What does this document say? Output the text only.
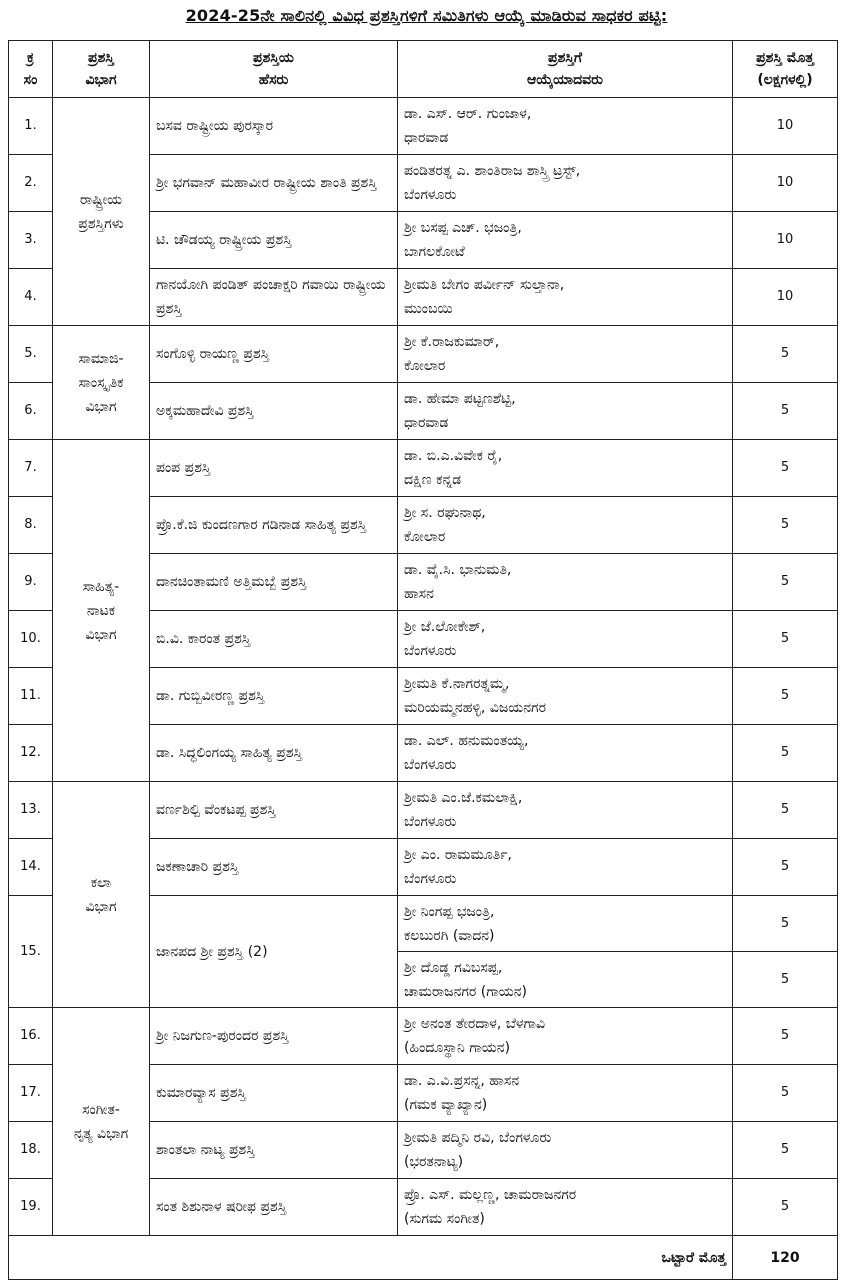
2024-25ನೇ ಸಾಲಿನಲ್ಲಿ ವಿವಿಧ ಪ್ರಶಸ್ತಿಗಳಿಗೆ ಸಮಿತಿಗಳು ಆಯ್ಕೆ ಮಾಡಿರುವ ಸಾಧಕರ ಪಟ್ಟಿ:
ಕ್ರ
ಸಂ	ಪ್ರಶಸ್ತಿ
ವಿಭಾಗ	ಪ್ರಶಸ್ತಿಯ
ಹೆಸರು	ಪ್ರಶಸ್ತಿಗೆ
ಆಯ್ಕೆಯಾದವರು	ಪ್ರಶಸ್ತಿ ಮೊತ್ತ
(ಲಕ್ಷಗಳಲ್ಲಿ)
1.	ರಾಷ್ಟ್ರೀಯ
ಪ್ರಶಸ್ತಿಗಳು	ಬಸವ ರಾಷ್ಟ್ರೀಯ ಪುರಸ್ಕಾರ	ಡಾ. ಎಸ್. ಆರ್. ಗುಂಜಾಳ,
ಧಾರವಾಡ	10
2.		ಶ್ರೀ ಭಗವಾನ್ ಮಹಾವೀರ ರಾಷ್ಟ್ರೀಯ ಶಾಂತಿ ಪ್ರಶಸ್ತಿ	ಪಂಡಿತರತ್ನ ಎ. ಶಾಂತಿರಾಜ ಶಾಸ್ತ್ರಿ ಟ್ರಸ್ಟ್,
ಬೆಂಗಳೂರು	10
3.		ಟಿ. ಚೌಡಯ್ಯ ರಾಷ್ಟ್ರೀಯ ಪ್ರಶಸ್ತಿ	ಶ್ರೀ ಬಸಪ್ಪ ಎಚ್. ಭಜಂತ್ರಿ,
ಬಾಗಲಕೋಟೆ	10
4.		ಗಾನಯೋಗಿ ಪಂಡಿತ್ ಪಂಚಾಕ್ಷರಿ ಗವಾಯಿ ರಾಷ್ಟ್ರೀಯ ಪ್ರಶಸ್ತಿ	ಶ್ರೀಮತಿ ಬೇಗಂ ಪರ್ವೀನ್ ಸುಲ್ತಾನಾ,
ಮುಂಬಯಿ	10
5.	ಸಾಮಾಜಿ-
ಸಾಂಸ್ಕೃತಿಕ
ವಿಭಾಗ	ಸಂಗೊಳ್ಳಿ ರಾಯಣ್ಣ ಪ್ರಶಸ್ತಿ	ಶ್ರೀ ಕೆ.ರಾಜಕುಮಾರ್,
ಕೋಲಾರ	5
6.		ಅಕ್ಕಮಹಾದೇವಿ ಪ್ರಶಸ್ತಿ	ಡಾ. ಹೇಮಾ ಪಟ್ಟಣಶೆಟ್ಟಿ,
ಧಾರವಾಡ	5
7.	ಸಾಹಿತ್ಯ-
ನಾಟಕ
ವಿಭಾಗ	ಪಂಪ ಪ್ರಶಸ್ತಿ	ಡಾ. ಬಿ.ಎ.ವಿವೇಕ ರೈ,
ದಕ್ಷಿಣ ಕನ್ನಡ	5
8.		ಪ್ರೊ.ಕೆ.ಜಿ ಕುಂದಣಗಾರ ಗಡಿನಾಡ ಸಾಹಿತ್ಯ ಪ್ರಶಸ್ತಿ	ಶ್ರೀ ಸ. ರಘುನಾಥ,
ಕೋಲಾರ	5
9.		ದಾನಚಿಂತಾಮಣಿ ಅತ್ತಿಮಬ್ಬೆ ಪ್ರಶಸ್ತಿ	ಡಾ. ವೈ.ಸಿ. ಭಾನುಮತಿ,
ಹಾಸನ	5
10.		ಬಿ.ವಿ. ಕಾರಂತ ಪ್ರಶಸ್ತಿ	ಶ್ರೀ ಜೆ.ಲೋಕೇಶ್,
ಬೆಂಗಳೂರು	5
11.		ಡಾ. ಗುಬ್ಬಿವೀರಣ್ಣ ಪ್ರಶಸ್ತಿ	ಶ್ರೀಮತಿ ಕೆ.ನಾಗರತ್ನಮ್ಮ,
ಮರಿಯಮ್ಮನಹಳ್ಳಿ, ವಿಜಯನಗರ	5
12.		ಡಾ. ಸಿದ್ಧಲಿಂಗಯ್ಯ ಸಾಹಿತ್ಯ ಪ್ರಶಸ್ತಿ	ಡಾ. ಎಲ್. ಹನುಮಂತಯ್ಯ,
ಬೆಂಗಳೂರು	5
13.	ಕಲಾ
ವಿಭಾಗ	ವರ್ಣಶಿಲ್ಪಿ ವೆಂಕಟಪ್ಪ ಪ್ರಶಸ್ತಿ	ಶ್ರೀಮತಿ ಎಂ.ಜೆ.ಕಮಲಾಕ್ಷಿ,
ಬೆಂಗಳೂರು	5
14.		ಜಕಣಾಚಾರಿ ಪ್ರಶಸ್ತಿ	ಶ್ರೀ ಎಂ. ರಾಮಮೂರ್ತಿ,
ಬೆಂಗಳೂರು	5
15.		ಜಾನಪದ ಶ್ರೀ ಪ್ರಶಸ್ತಿ (2)	ಶ್ರೀ ನಿಂಗಪ್ಪ ಭಜಂತ್ರಿ,
ಕಲಬುರಗಿ (ವಾದನ)	5
			ಶ್ರೀ ದೊಡ್ಡ ಗವಿಬಸಪ್ಪ,
ಚಾಮರಾಜನಗರ (ಗಾಯನ)	5
16.	ಸಂಗೀತ-
ನೃತ್ಯ ವಿಭಾಗ	ಶ್ರೀ ನಿಜಗುಣ-ಪುರಂದರ ಪ್ರಶಸ್ತಿ	ಶ್ರೀ ಅನಂತ ತೇರದಾಳ, ಬೆಳಗಾವಿ
(ಹಿಂದೂಸ್ಥಾನಿ ಗಾಯನ)	5
17.		ಕುಮಾರವ್ಯಾಸ ಪ್ರಶಸ್ತಿ	ಡಾ. ಎ.ವಿ.ಪ್ರಸನ್ನ, ಹಾಸನ
(ಗಮಕ ವ್ಯಾಖ್ಯಾನ)	5
18.		ಶಾಂತಲಾ ನಾಟ್ಯ ಪ್ರಶಸ್ತಿ	ಶ್ರೀಮತಿ ಪದ್ಮಿನಿ ರವಿ, ಬೆಂಗಳೂರು
(ಭರತನಾಟ್ಯ)	5
19.		ಸಂತ ಶಿಶುನಾಳ ಷರೀಫ ಪ್ರಶಸ್ತಿ	ಪ್ರೊ. ಎಸ್. ಮಲ್ಲಣ್ಣ, ಚಾಮರಾಜನಗರ
(ಸುಗಮ ಸಂಗೀತ)	5
ಒಟ್ಟಾರೆ ಮೊತ್ತ				120
